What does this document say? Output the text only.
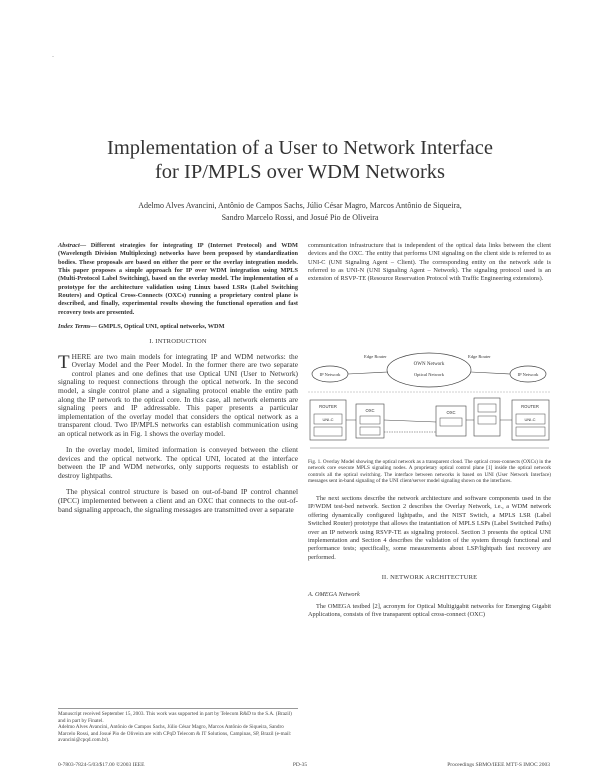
-
Implementation of a User to Network Interface
for IP/MPLS over WDM Networks
Adelmo Alves Avancini, Antônio de Campos Sachs, Júlio César Magro, Marcos Antônio de Siqueira,
Sandro Marcelo Rossi, and Josué Pio de Oliveira

Abstract— Different strategies for integrating IP (Internet Protocol) and WDM (Wavelength Division Multiplexing) networks have been proposed by standardization bodies. These proposals are based on either the peer or the overlay integration models. This paper proposes a simple approach for IP over WDM integration using MPLS (Multi-Protocol Label Switching), based on the overlay model. The implementation of a prototype for the architecture validation using Linux based LSRs (Label Switching Routers) and Optical Cross-Connects (OXCs) running a proprietary control plane is described, and finally, experimental results showing the functional operation and fast recovery tests are presented.

Index Terms— GMPLS, Optical UNI, optical networks, WDM

I. INTRODUCTION

THERE are two main models for integrating IP and WDM networks: the Overlay Model and the Peer Model. In the former there are two separate control planes and one defines that use Optical UNI (User to Network) signaling to request connections through the optical network. In the second model, a single control plane and a signaling protocol enable the entire path along the IP network to the optical core. In this case, all network elements are signaling peers and IP addressable. This paper presents a particular implementation of the overlay model that considers the optical network as a transparent cloud. Two IP/MPLS networks can establish communication using an optical network as in Fig. 1 shows the overlay model.

In the overlay model, limited information is conveyed between the client devices and the optical network. The optical UNI, located at the interface between the IP and WDM networks, only supports requests to establish or destroy lightpaths.

The physical control structure is based on out-of-band IP control channel (IPCC) implemented between a client and an OXC that connects to the out-of-band signaling approach, the signaling messages are transmitted over a separate

Manuscript received September 15, 2003. This work was supported in part by Telecom R&D to the S.A. (Brazil) and in part by Finatel.

Adelmo Alves Avancini, Antônio de Campos Sachs, Júlio César Magro, Marcos Antônio de Siqueira, Sandro Marcelo Rossi, and Josué Pio de Oliveira are with CPqD Telecom & IT Solutions, Campinas, SP, Brazil (e-mail: avancini@cpqd.com.br).

communication infrastructure that is independent of the optical data links between the client devices and the OXC. The entity that performs UNI signaling on the client side is referred to as UNI-C (UNI Signaling Agent – Client). The corresponding entity on the network side is referred to as UNI-N (UNI Signaling Agent – Network). The signaling protocol used is an extension of RSVP-TE (Resource Reservation Protocol with Traffic Engineering extensions).

OWN Network
Optical Network
IP Network	IP Network
Edge Router	Edge Router
ROUTER
UNI-C
OXC	OXC
ROUTER
UNI-C
Fig. 1. Overlay Model showing the optical network as a transparent cloud. The optical cross-connects (OXCs) in the network core execute MPLS signaling nodes. A proprietary optical control plane [1] inside the optical network controls all the optical switching. The interface between networks is based on UNI (User Network Interface) messages sent in-band signaling of the UNI client/server model signaling shown on the interfaces.

The next sections describe the network architecture and software components used in the IP/WDM test-bed network. Section 2 describes the Overlay Network, i.e., a WDM network offering dynamically configured lightpaths, and the NIST Switch, a MPLS LSR (Label Switched Router) prototype that allows the instantiation of MPLS LSPs (Label Switched Paths) over an IP network using RSVP-TE as signaling protocol. Section 3 presents the optical UNI implementation and Section 4 describes the validation of the system through functional and performance tests; specifically, some measurements about LSP/lightpath fast recovery are performed.

II. NETWORK ARCHITECTURE

A. OMEGA Network

The OMEGA testbed [2], acronym for Optical Multigigabit networks for Emerging Gigabit Applications, consists of five transparent optical cross-connect (OXC)

0-7803-7824-5/03/$17.00 ©2003 IEEE	PD-35	Proceedings SBMO/IEEE MTT-S IMOC 2003
